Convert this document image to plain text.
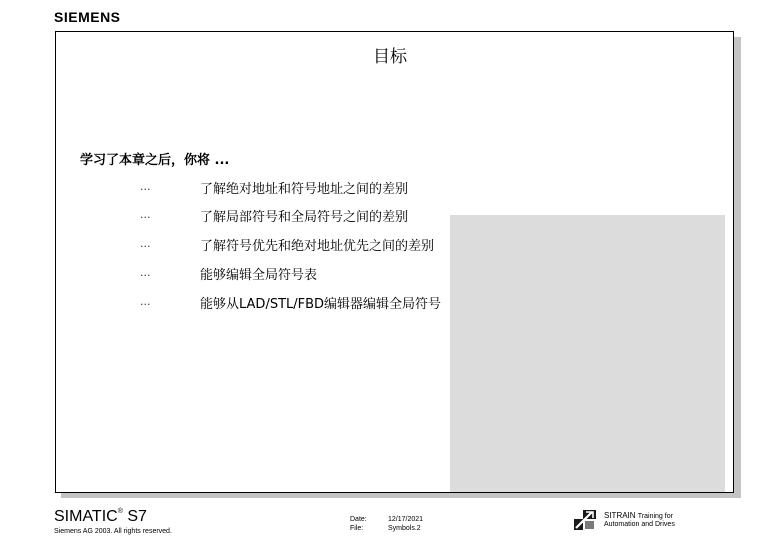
SIEMENS
目标
学习了本章之后，你将 ...
...	了解绝对地址和符号地址之间的差别
...	了解局部符号和全局符号之间的差别
...	了解符号优先和绝对地址优先之间的差别
...	能够编辑全局符号表
...	能够从LAD/STL/FBD编辑器编辑全局符号
SIMATIC® S7
Siemens AG 2003. All rights reserved.
Date:	12/17/2021
File:	Symbols.2
SITRAIN Training for
Automation and Drives
